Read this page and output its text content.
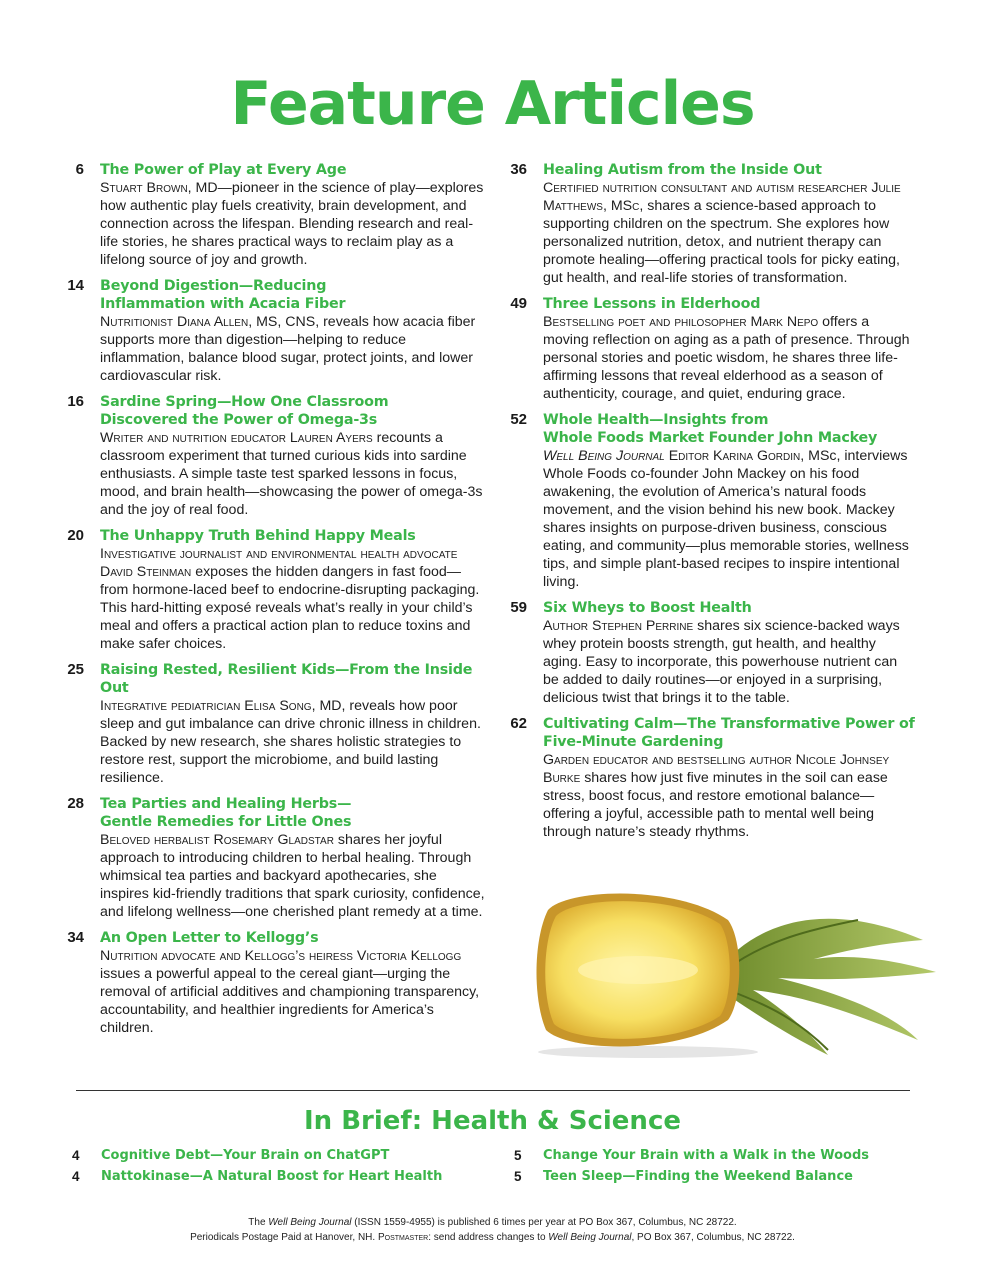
Feature Articles
6	The Power of Play at Every Age
Stuart Brown, MD—pioneer in the science of play—explores how authentic play fuels creativity, brain development, and connection across the lifespan. Blending research and real-life stories, he shares practical ways to reclaim play as a lifelong source of joy and growth.
14	Beyond Digestion—Reducing
Inflammation with Acacia Fiber
Nutritionist Diana Allen, MS, CNS, reveals how acacia fiber supports more than digestion—helping to reduce inflammation, balance blood sugar, protect joints, and lower cardiovascular risk.
16	Sardine Spring—How One Classroom
Discovered the Power of Omega-3s
Writer and nutrition educator Lauren Ayers recounts a classroom experiment that turned curious kids into sardine enthusiasts. A simple taste test sparked lessons in focus, mood, and brain health—showcasing the power of omega-3s and the joy of real food.
20	The Unhappy Truth Behind Happy Meals
Investigative journalist and environmental health advocate David Steinman exposes the hidden dangers in fast food—from hormone-laced beef to endocrine-disrupting packaging. This hard-hitting exposé reveals what’s really in your child’s meal and offers a practical action plan to reduce toxins and make safer choices.
25	Raising Rested, Resilient Kids—From the Inside Out
Integrative pediatrician Elisa Song, MD, reveals how poor sleep and gut imbalance can drive chronic illness in children. Backed by new research, she shares holistic strategies to restore rest, support the microbiome, and build lasting resilience.
28	Tea Parties and Healing Herbs—
Gentle Remedies for Little Ones
Beloved herbalist Rosemary Gladstar shares her joyful approach to introducing children to herbal healing. Through whimsical tea parties and backyard apothecaries, she inspires kid-friendly traditions that spark curiosity, confidence, and lifelong wellness—one cherished plant remedy at a time.
34	An Open Letter to Kellogg’s
Nutrition advocate and Kellogg’s heiress Victoria Kellogg issues a powerful appeal to the cereal giant—urging the removal of artificial additives and championing transparency, accountability, and healthier ingredients for America’s children.
36	Healing Autism from the Inside Out
Certified nutrition consultant and autism researcher Julie Matthews, MSc, shares a science-based approach to supporting children on the spectrum. She explores how personalized nutrition, detox, and nutrient therapy can promote healing—offering practical tools for picky eating, gut health, and real-life stories of transformation.
49	Three Lessons in Elderhood
Bestselling poet and philosopher Mark Nepo offers a moving reflection on aging as a path of presence. Through personal stories and poetic wisdom, he shares three life-affirming lessons that reveal elderhood as a season of authenticity, courage, and quiet, enduring grace.
52	Whole Health—Insights from
Whole Foods Market Founder John Mackey
Well Being Journal Editor Karina Gordin, MSc, interviews Whole Foods co-founder John Mackey on his food awakening, the evolution of America’s natural foods movement, and the vision behind his new book. Mackey shares insights on purpose-driven business, conscious eating, and community—plus memorable stories, wellness tips, and simple plant-based recipes to inspire intentional living.
59	Six Wheys to Boost Health
Author Stephen Perrine shares six science-backed ways whey protein boosts strength, gut health, and healthy aging. Easy to incorporate, this powerhouse nutrient can be added to daily routines—or enjoyed in a surprising, delicious twist that brings it to the table.
62	Cultivating Calm—The Transformative Power of
Five-Minute Gardening
Garden educator and bestselling author Nicole Johnsey Burke shares how just five minutes in the soil can ease stress, boost focus, and restore emotional balance—offering a joyful, accessible path to mental well being through nature’s steady rhythms.
In Brief: Health & Science
4	Cognitive Debt—Your Brain on ChatGPT
4	Nattokinase—A Natural Boost for Heart Health
5	Change Your Brain with a Walk in the Woods
5	Teen Sleep—Finding the Weekend Balance
The Well Being Journal (ISSN 1559-4955) is published 6 times per year at PO Box 367, Columbus, NC 28722.
Periodicals Postage Paid at Hanover, NH. Postmaster: send address changes to Well Being Journal, PO Box 367, Columbus, NC 28722.
